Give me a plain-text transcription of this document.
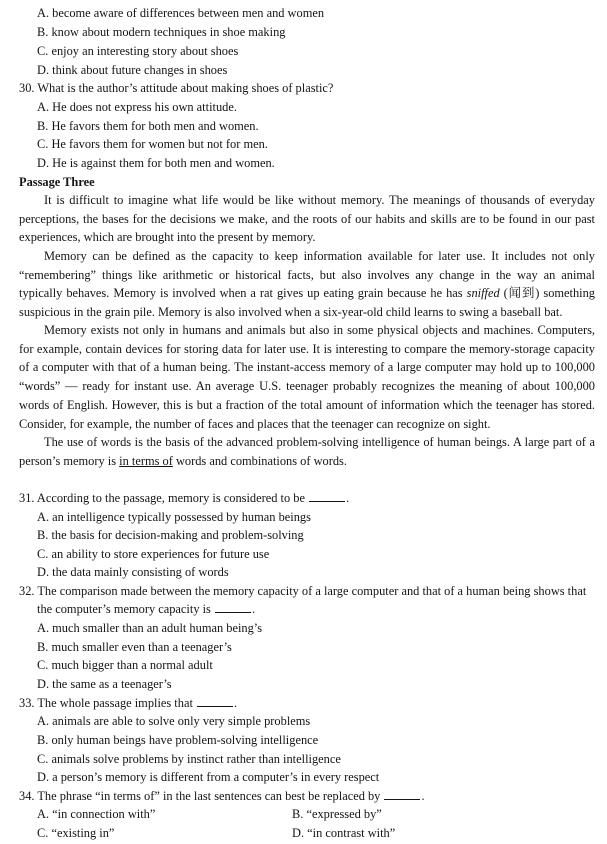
A. become aware of differences between men and women
B. know about modern techniques in shoe making
C. enjoy an interesting story about shoes
D. think about future changes in shoes
30. What is the author’s attitude about making shoes of plastic?
A. He does not express his own attitude.
B. He favors them for both men and women.
C. He favors them for women but not for men.
D. He is against them for both men and women.
Passage Three
It is difficult to imagine what life would be like without memory. The meanings of thousands of everyday perceptions, the bases for the decisions we make, and the roots of our habits and skills are to be found in our past experiences, which are brought into the present by memory.
Memory can be defined as the capacity to keep information available for later use. It includes not only “remembering” things like arithmetic or historical facts, but also involves any change in the way an animal typically behaves. Memory is involved when a rat gives up eating grain because he has sniffed (闻到) something suspicious in the grain pile. Memory is also involved when a six-year-old child learns to swing a baseball bat.
Memory exists not only in humans and animals but also in some physical objects and machines. Computers, for example, contain devices for storing data for later use. It is interesting to compare the memory-storage capacity of a computer with that of a human being. The instant-access memory of a large computer may hold up to 100,000 “words” — ready for instant use. An average U.S. teenager probably recognizes the meaning of about 100,000 words of English. However, this is but a fraction of the total amount of information which the teenager has stored. Consider, for example, the number of faces and places that the teenager can recognize on sight.
The use of words is the basis of the advanced problem-solving intelligence of human beings. A large part of a person’s memory is in terms of words and combinations of words.
31. According to the passage, memory is considered to be	.
A. an intelligence typically possessed by human beings
B. the basis for decision-making and problem-solving
C. an ability to store experiences for future use
D. the data mainly consisting of words
32. The comparison made between the memory capacity of a large computer and that of a human being shows that
the computer’s memory capacity is	.
A. much smaller than an adult human being’s
B. much smaller even than a teenager’s
C. much bigger than a normal adult
D. the same as a teenager’s
33. The whole passage implies that	.
A. animals are able to solve only very simple problems
B. only human beings have problem-solving intelligence
C. animals solve problems by instinct rather than intelligence
D. a person’s memory is different from a computer’s in every respect
34. The phrase “in terms of” in the last sentences can best be replaced by	.
A. “in connection with”	B. “expressed by”
C. “existing in”	D. “in contrast with”
